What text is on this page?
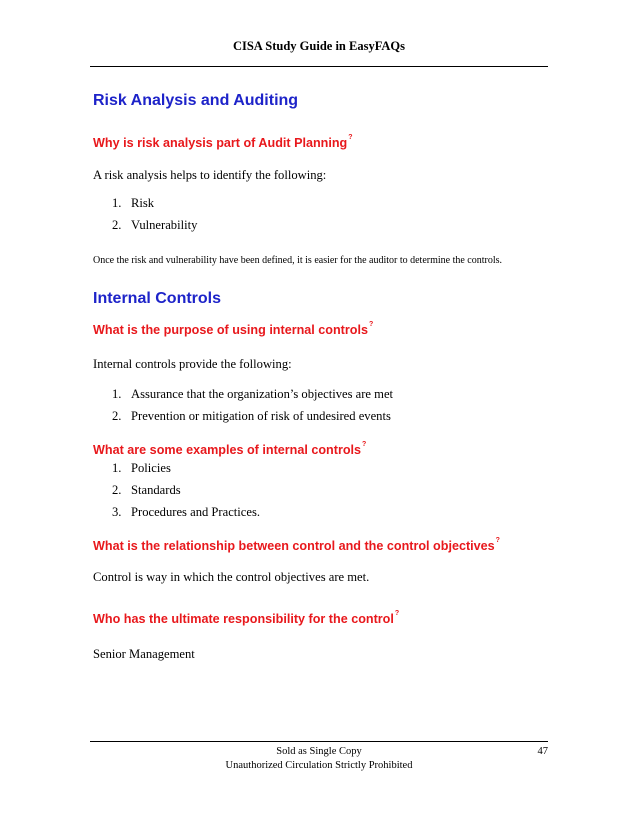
CISA Study Guide in EasyFAQs
Risk Analysis and Auditing
Why is risk analysis part of Audit Planning?
A risk analysis helps to identify the following:
1. Risk
2. Vulnerability
Once the risk and vulnerability have been defined, it is easier for the auditor to determine the controls.
Internal Controls
What is the purpose of using internal controls?
Internal controls provide the following:
1. Assurance that the organization’s objectives are met
2. Prevention or mitigation of risk of undesired events
What are some examples of internal controls?
1. Policies
2. Standards
3. Procedures and Practices.
What is the relationship between control and the control objectives?
Control is way in which the control objectives are met.
Who has the ultimate responsibility for the control?
Senior Management
Sold as Single Copy	47
Unauthorized Circulation Strictly Prohibited
